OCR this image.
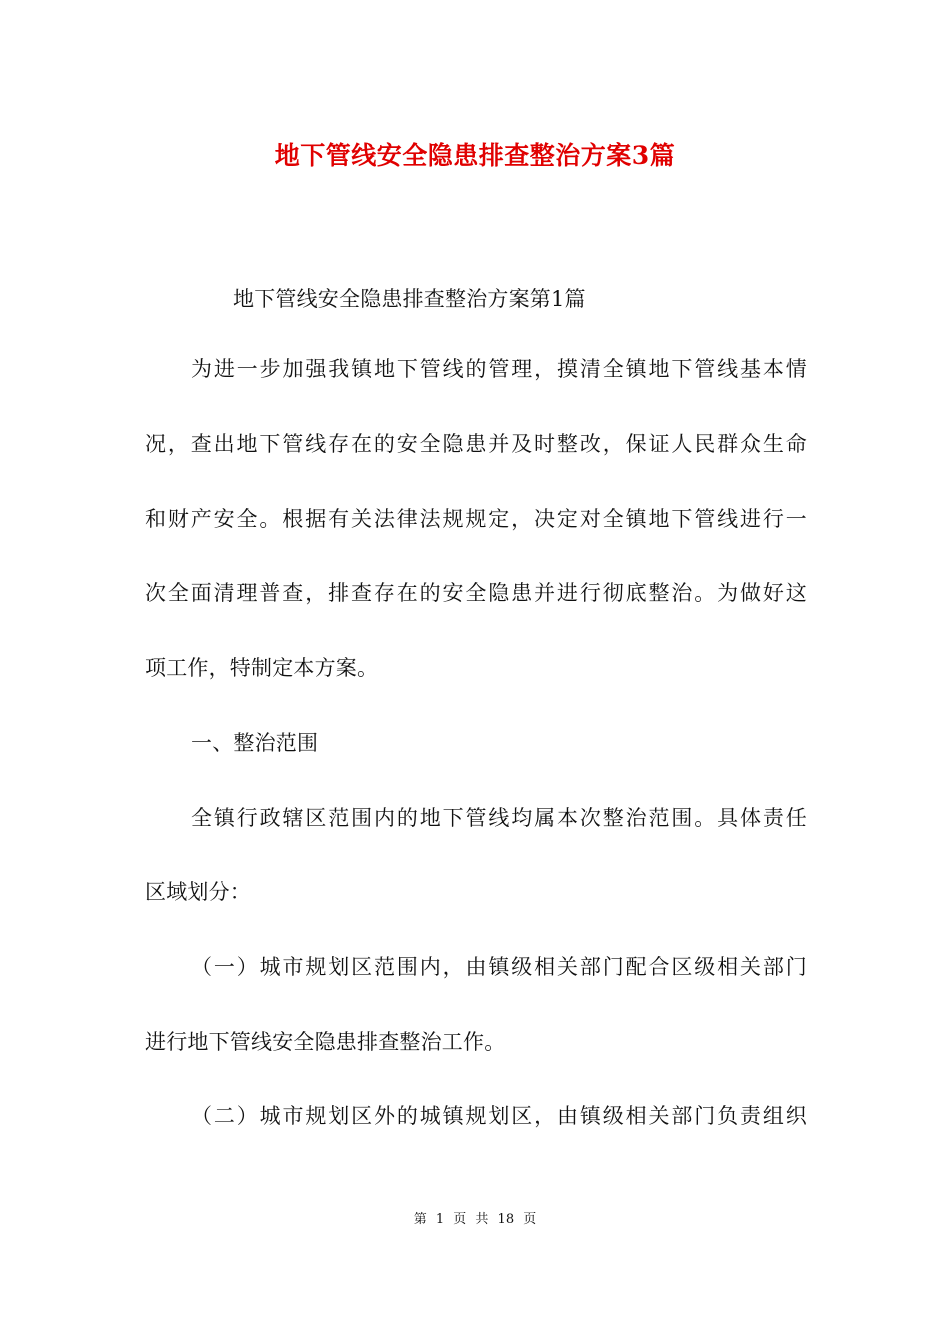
地下管线安全隐患排查整治方案3篇
地下管线安全隐患排查整治方案第1篇
为进一步加强我镇地下管线的管理，摸清全镇地下管线基本情
况，查出地下管线存在的安全隐患并及时整改，保证人民群众生命
和财产安全。根据有关法律法规规定，决定对全镇地下管线进行一
次全面清理普查，排查存在的安全隐患并进行彻底整治。为做好这
项工作，特制定本方案。
一、整治范围
全镇行政辖区范围内的地下管线均属本次整治范围。具体责任
区域划分：
（一）城市规划区范围内，由镇级相关部门配合区级相关部门
进行地下管线安全隐患排查整治工作。
（二）城市规划区外的城镇规划区，由镇级相关部门负责组织
第 1 页 共 18 页
